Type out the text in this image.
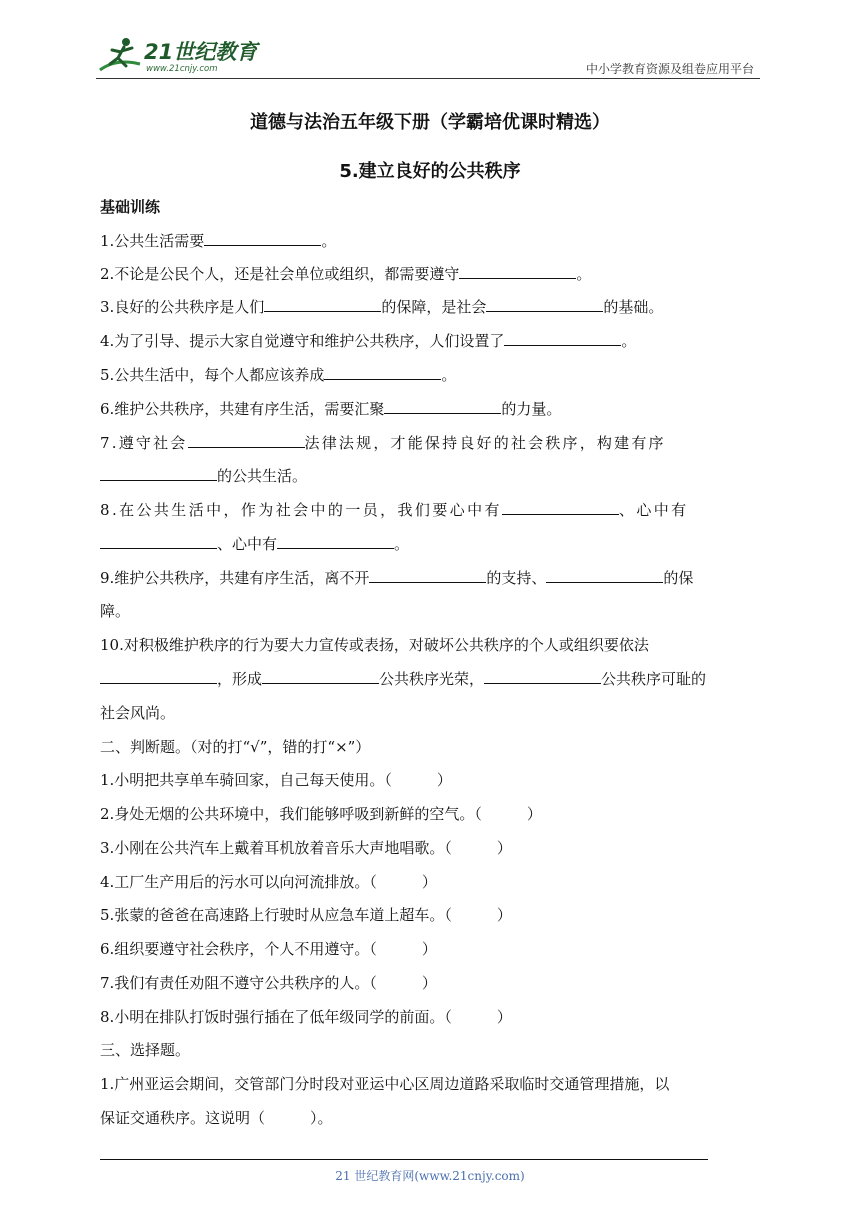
21世纪教育
www.21cnjy.com	中小学教育资源及组卷应用平台
道德与法治五年级下册（学霸培优课时精选）
5.建立良好的公共秩序
基础训练
1.公共生活需要	。
2.不论是公民个人，还是社会单位或组织，都需要遵守	。
3.良好的公共秩序是人们	的保障，是社会	的基础。
4.为了引导、提示大家自觉遵守和维护公共秩序，人们设置了	。
5.公共生活中，每个人都应该养成	。
6.维护公共秩序，共建有序生活，需要汇聚	的力量。
7.遵守社会	法律法规，才能保持良好的社会秩序，构建有序
的公共生活。
8.在公共生活中，作为社会中的一员，我们要心中有	、心中有
、心中有	。
9.维护公共秩序，共建有序生活，离不开	的支持、	的保
障。
10.对积极维护秩序的行为要大力宣传或表扬，对破坏公共秩序的个人或组织要依法
，形成	公共秩序光荣，	公共秩序可耻的
社会风尚。
二、判断题。（对的打“√”，错的打“×”）
1.小明把共享单车骑回家，自己每天使用。（　　　）
2.身处无烟的公共环境中，我们能够呼吸到新鲜的空气。（　　　）
3.小刚在公共汽车上戴着耳机放着音乐大声地唱歌。（　　　）
4.工厂生产用后的污水可以向河流排放。（　　　）
5.张蒙的爸爸在高速路上行驶时从应急车道上超车。（　　　）
6.组织要遵守社会秩序，个人不用遵守。（　　　）
7.我们有责任劝阻不遵守公共秩序的人。（　　　）
8.小明在排队打饭时强行插在了低年级同学的前面。（　　　）
三、选择题。
1.广州亚运会期间，交管部门分时段对亚运中心区周边道路采取临时交通管理措施，以
保证交通秩序。这说明（　　　）。
21 世纪教育网(www.21cnjy.com)
